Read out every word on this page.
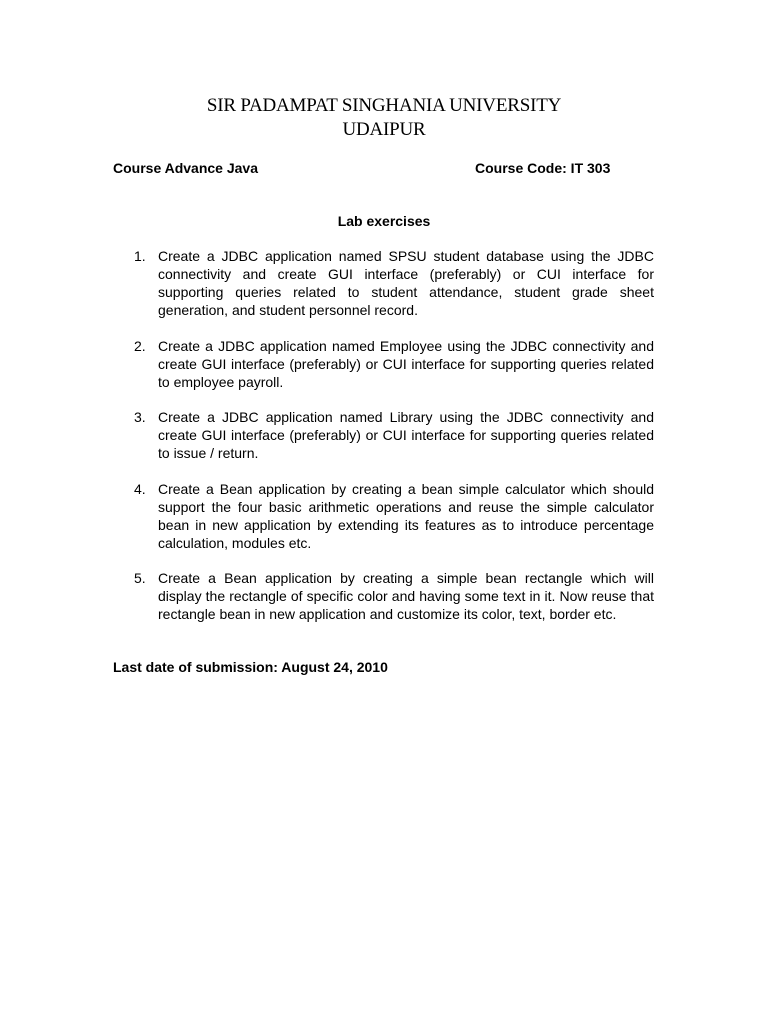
SIR PADAMPAT SINGHANIA UNIVERSITY
UDAIPUR
Course Advance Java	Course Code: IT 303
Lab exercises
1. Create a JDBC application named SPSU student database using the JDBC connectivity and create GUI interface (preferably) or CUI interface for supporting queries related to student attendance, student grade sheet generation, and student personnel record.
2. Create a JDBC application named Employee using the JDBC connectivity and create GUI interface (preferably) or CUI interface for supporting queries related to employee payroll.
3. Create a JDBC application named Library using the JDBC connectivity and create GUI interface (preferably) or CUI interface for supporting queries related to issue / return.
4. Create a Bean application by creating a bean simple calculator which should support the four basic arithmetic operations and reuse the simple calculator bean in new application by extending its features as to introduce percentage calculation, modules etc.
5. Create a Bean application by creating a simple bean rectangle which will display the rectangle of specific color and having some text in it. Now reuse that rectangle bean in new application and customize its color, text, border etc.
Last date of submission: August 24, 2010
